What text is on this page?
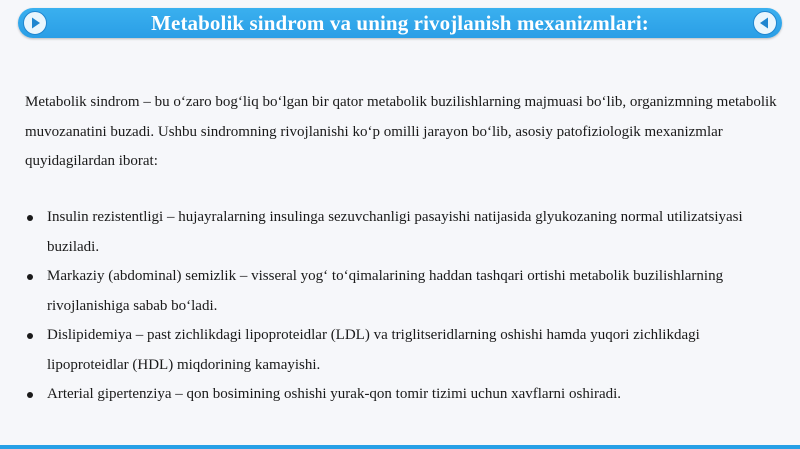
Metabolik sindrom va uning rivojlanish mexanizmlari:
Metabolik sindrom – bu o‘zaro bog‘liq bo‘lgan bir qator metabolik buzilishlarning majmuasi bo‘lib, organizmning metabolik muvozanatini buzadi. Ushbu sindromning rivojlanishi ko‘p omilli jarayon bo‘lib, asosiy patofiziologik mexanizmlar quyidagilardan iborat:
Insulin rezistentligi – hujayralarning insulinga sezuvchanligi pasayishi natijasida glyukozaning normal utilizatsiyasi buziladi.
Markaziy (abdominal) semizlik – visseral yog‘ to‘qimalarining haddan tashqari ortishi metabolik buzilishlarning rivojlanishiga sabab bo‘ladi.
Dislipidemiya – past zichlikdagi lipoproteidlar (LDL) va triglitseridlarning oshishi hamda yuqori zichlikdagi lipoproteidlar (HDL) miqdorining kamayishi.
Arterial gipertenziya – qon bosimining oshishi yurak-qon tomir tizimi uchun xavflarni oshiradi.
